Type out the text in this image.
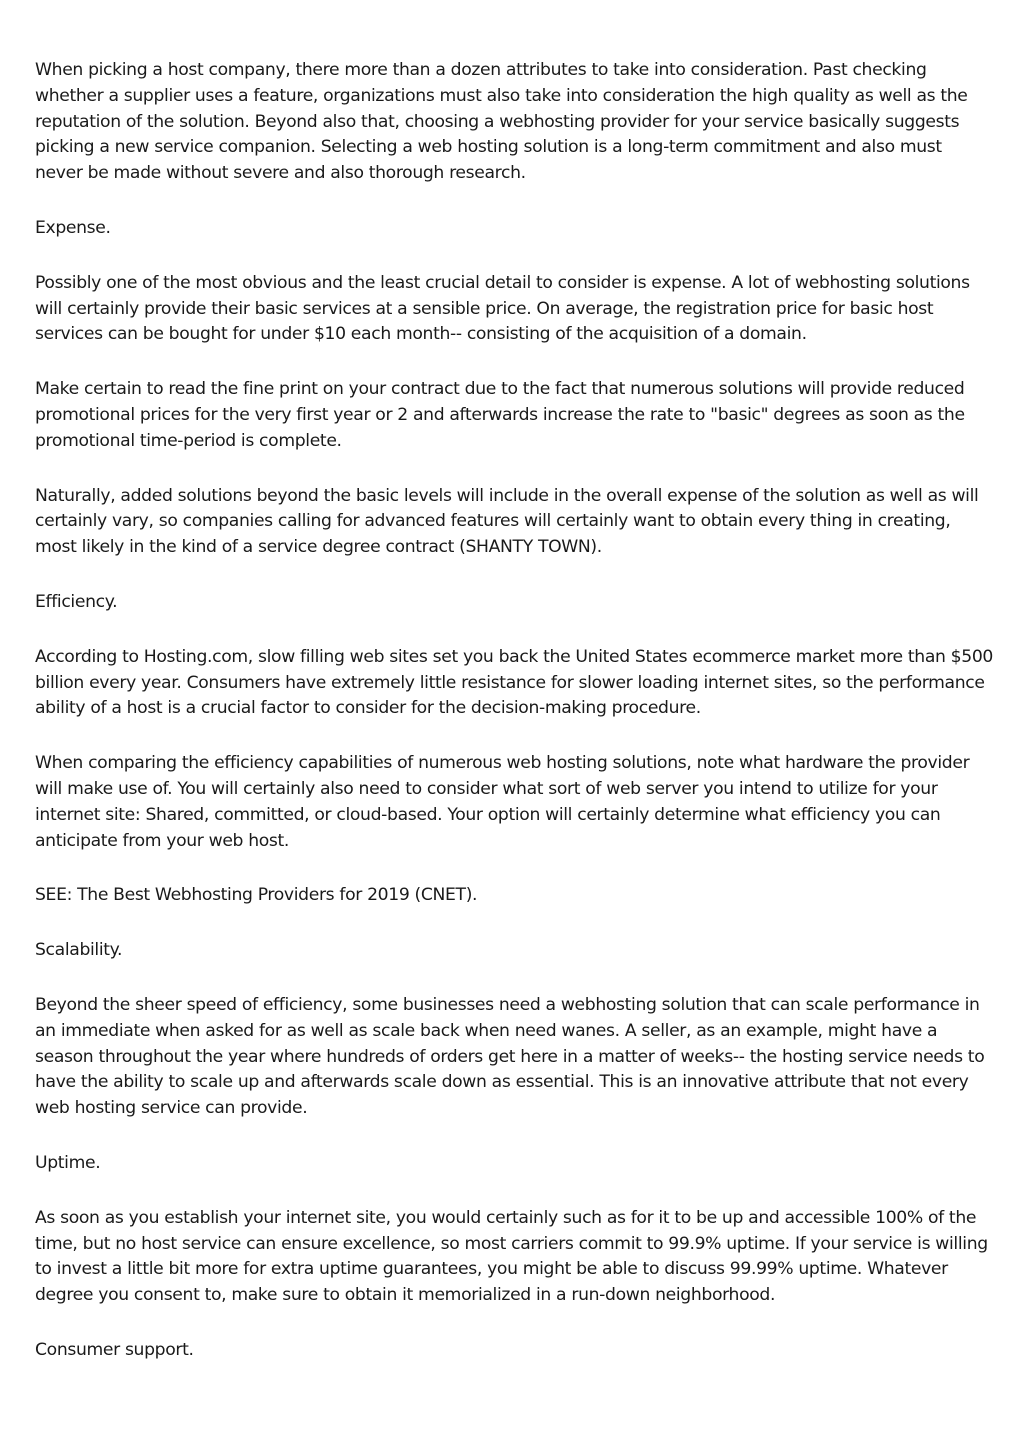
When picking a host company, there more than a dozen attributes to take into consideration. Past checking whether a supplier uses a feature, organizations must also take into consideration the high quality as well as the reputation of the solution. Beyond also that, choosing a webhosting provider for your service basically suggests picking a new service companion. Selecting a web hosting solution is a long-term commitment and also must never be made without severe and also thorough research.

Expense.

Possibly one of the most obvious and the least crucial detail to consider is expense. A lot of webhosting solutions will certainly provide their basic services at a sensible price. On average, the registration price for basic host services can be bought for under $10 each month-- consisting of the acquisition of a domain.

Make certain to read the fine print on your contract due to the fact that numerous solutions will provide reduced promotional prices for the very first year or 2 and afterwards increase the rate to "basic" degrees as soon as the promotional time-period is complete.

Naturally, added solutions beyond the basic levels will include in the overall expense of the solution as well as will certainly vary, so companies calling for advanced features will certainly want to obtain every thing in creating, most likely in the kind of a service degree contract (SHANTY TOWN).

Efficiency.

According to Hosting.com, slow filling web sites set you back the United States ecommerce market more than $500 billion every year. Consumers have extremely little resistance for slower loading internet sites, so the performance ability of a host is a crucial factor to consider for the decision-making procedure.

When comparing the efficiency capabilities of numerous web hosting solutions, note what hardware the provider will make use of. You will certainly also need to consider what sort of web server you intend to utilize for your internet site: Shared, committed, or cloud-based. Your option will certainly determine what efficiency you can anticipate from your web host.

SEE: The Best Webhosting Providers for 2019 (CNET).

Scalability.

Beyond the sheer speed of efficiency, some businesses need a webhosting solution that can scale performance in an immediate when asked for as well as scale back when need wanes. A seller, as an example, might have a season throughout the year where hundreds of orders get here in a matter of weeks-- the hosting service needs to have the ability to scale up and afterwards scale down as essential. This is an innovative attribute that not every web hosting service can provide.

Uptime.

As soon as you establish your internet site, you would certainly such as for it to be up and accessible 100% of the time, but no host service can ensure excellence, so most carriers commit to 99.9% uptime. If your service is willing to invest a little bit more for extra uptime guarantees, you might be able to discuss 99.99% uptime. Whatever degree you consent to, make sure to obtain it memorialized in a run-down neighborhood.

Consumer support.
